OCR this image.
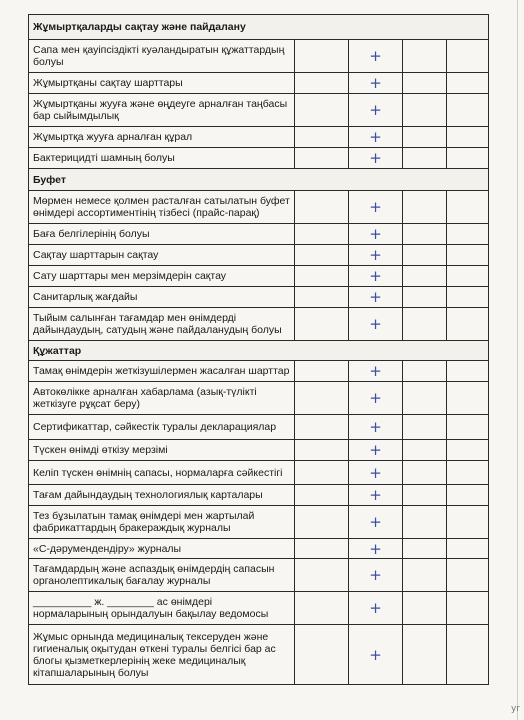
Жұмыртқаларды сақтау және пайдалану				
Сапа мен қауіпсіздікті куәландыратын құжаттардың болуы		+		
Жұмыртқаны сақтау шарттары		+		
Жұмыртқаны жууға және өңдеуге арналған таңбасы бар сыйымдылық		+		
Жұмыртқа жууға арналған құрал		+		
Бактерицидті шамның болуы		+		
Буфет				
Мөрмен немесе қолмен расталған сатылатын буфет өнімдері ассортиментінің тізбесі (прайс-парақ)		+		
Баға белгілерінің болуы		+		
Сақтау шарттарын сақтау		+		
Сату шарттары мен мерзімдерін сақтау		+		
Санитарлық жағдайы		+		
Тыйым салынған тағамдар мен өнімдерді дайындаудың, сатудың және пайдаланудың болуы		+		
Құжаттар				
Тамақ өнімдерін жеткізушілермен жасалған шарттар		+		
Автокөлікке арналған хабарлама (азық-түлікті жеткізуге рұқсат беру)		+		
Сертификаттар, сәйкестік туралы декларациялар		+		
Түскен өнімді өткізу мерзімі		+		
Келіп түскен өнімнің сапасы, нормаларға сәйкестігі		+		
Тағам дайындаудың технологиялық карталары		+		
Тез бұзылатын тамақ өнімдері мен жартылай фабрикаттардың бракераждық журналы		+		
«С-дәрумендендіру» журналы		+		
Тағамдардың және аспаздық өнімдердің сапасын органолептикалық бағалау журналы		+		
__________ ж. ________ ас өнімдері нормаларының орындалуын бақылау ведомосы		+		
Жұмыс орнында медициналық тексеруден және гигиеналық оқытудан өткені туралы белгісі бар ас блогы қызметкерлерінің жеке медициналық кітапшаларының болуы		+		
yr
